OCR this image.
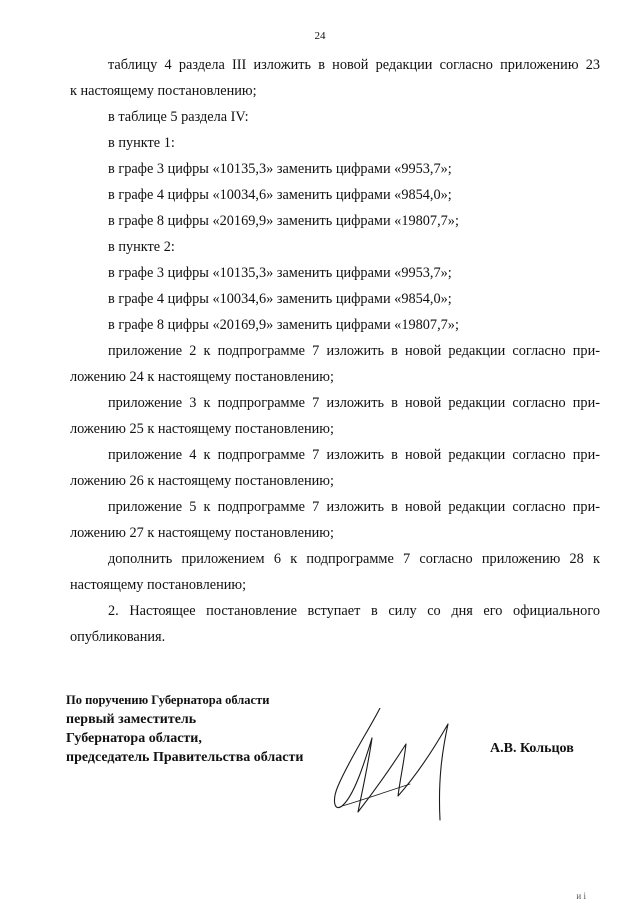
24
таблицу 4 раздела III изложить в новой редакции согласно приложению 23
к настоящему постановлению;
в таблице 5 раздела IV:
в пункте 1:
в графе 3 цифры «10135,3» заменить цифрами «9953,7»;
в графе 4 цифры «10034,6» заменить цифрами «9854,0»;
в графе 8 цифры «20169,9» заменить цифрами «19807,7»;
в пункте 2:
в графе 3 цифры «10135,3» заменить цифрами «9953,7»;
в графе 4 цифры «10034,6» заменить цифрами «9854,0»;
в графе 8 цифры «20169,9» заменить цифрами «19807,7»;
приложение 2 к подпрограмме 7 изложить в новой редакции согласно при-
ложению 24 к настоящему постановлению;
приложение 3 к подпрограмме 7 изложить в новой редакции согласно при-
ложению 25 к настоящему постановлению;
приложение 4 к подпрограмме 7 изложить в новой редакции согласно при-
ложению 26 к настоящему постановлению;
приложение 5 к подпрограмме 7 изложить в новой редакции согласно при-
ложению 27 к настоящему постановлению;
дополнить приложением 6 к подпрограмме 7 согласно приложению 28 к
настоящему постановлению;
2. Настоящее постановление вступает в силу со дня его официального
опубликования.
По поручению Губернатора области
первый заместитель
Губернатора области,
председатель Правительства области
А.В. Кольцов
и і
